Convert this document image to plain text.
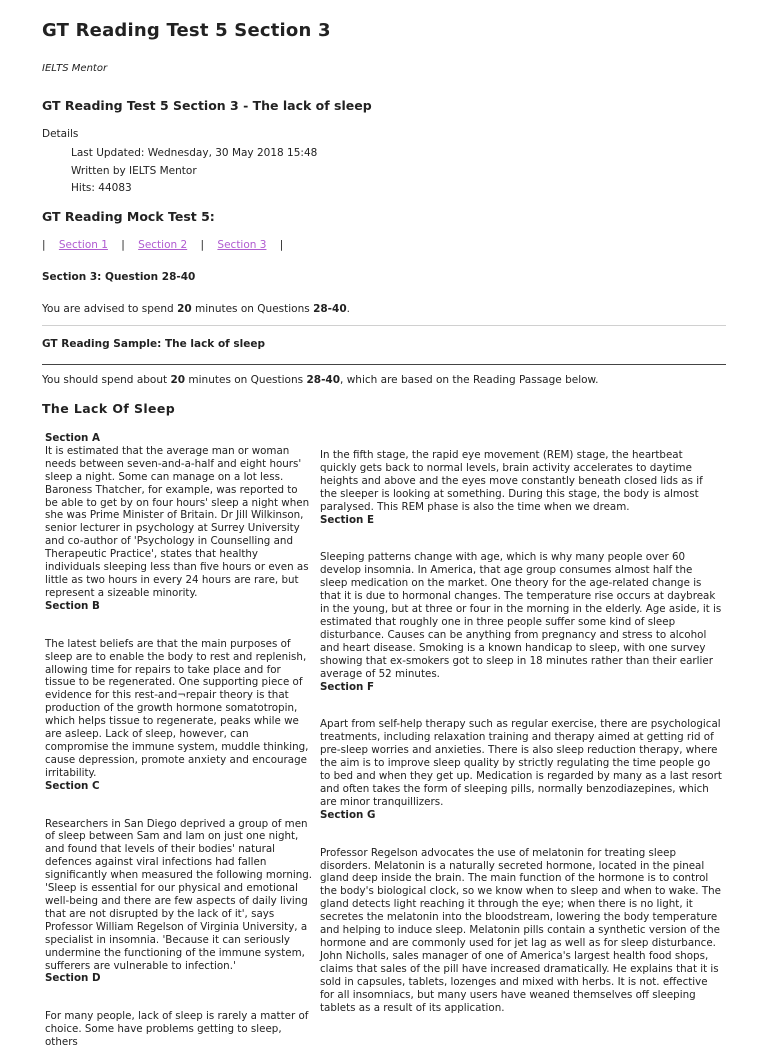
GT Reading Test 5 Section 3
IELTS Mentor
GT Reading Test 5 Section 3 - The lack of sleep
Details
Last Updated: Wednesday, 30 May 2018 15:48
Written by IELTS Mentor
Hits: 44083
GT Reading Mock Test 5:
| Section 1 | Section 2 | Section 3 |
Section 3: Question 28-40
You are advised to spend 20 minutes on Questions 28-40.
GT Reading Sample: The lack of sleep
You should spend about 20 minutes on Questions 28-40, which are based on the Reading Passage below.
The Lack Of Sleep

Section A

It is estimated that the average man or woman needs between seven-and-a-half and eight hours' sleep a night. Some can manage on a lot less. Baroness Thatcher, for example, was reported to be able to get by on four hours' sleep a night when she was Prime Minister of Britain. Dr Jill Wilkinson, senior lecturer in psychology at Surrey University and co-author of 'Psychology in Counselling and Therapeutic Practice', states that healthy individuals sleeping less than five hours or even as little as two hours in every 24 hours are rare, but represent a sizeable minority.

Section B

The latest beliefs are that the main purposes of sleep are to enable the body to rest and replenish, allowing time for repairs to take place and for tissue to be regenerated. One supporting piece of evidence for this rest-and¬repair theory is that production of the growth hormone somatotropin, which helps tissue to regenerate, peaks while we are asleep. Lack of sleep, however, can compromise the immune system, muddle thinking, cause depression, promote anxiety and encourage irritability.

Section C

Researchers in San Diego deprived a group of men of sleep between Sam and lam on just one night, and found that levels of their bodies' natural defences against viral infections had fallen significantly when measured the following morning. 'Sleep is essential for our physical and emotional well-being and there are few aspects of daily living that are not disrupted by the lack of it', says Professor William Regelson of Virginia University, a specialist in insomnia. 'Because it can seriously undermine the functioning of the immune system, sufferers are vulnerable to infection.'

Section D

For many people, lack of sleep is rarely a matter of choice. Some have problems getting to sleep, others

In the fifth stage, the rapid eye movement (REM) stage, the heartbeat quickly gets back to normal levels, brain activity accelerates to daytime heights and above and the eyes move constantly beneath closed lids as if the sleeper is looking at something. During this stage, the body is almost paralysed. This REM phase is also the time when we dream.

Section E

Sleeping patterns change with age, which is why many people over 60 develop insomnia. In America, that age group consumes almost half the sleep medication on the market. One theory for the age-related change is that it is due to hormonal changes. The temperature rise occurs at daybreak in the young, but at three or four in the morning in the elderly. Age aside, it is estimated that roughly one in three people suffer some kind of sleep disturbance. Causes can be anything from pregnancy and stress to alcohol and heart disease. Smoking is a known handicap to sleep, with one survey showing that ex-smokers got to sleep in 18 minutes rather than their earlier average of 52 minutes.

Section F

Apart from self-help therapy such as regular exercise, there are psychological treatments, including relaxation training and therapy aimed at getting rid of pre-sleep worries and anxieties. There is also sleep reduction therapy, where the aim is to improve sleep quality by strictly regulating the time people go to bed and when they get up. Medication is regarded by many as a last resort and often takes the form of sleeping pills, normally benzodiazepines, which are minor tranquillizers.

Section G

Professor Regelson advocates the use of melatonin for treating sleep disorders. Melatonin is a naturally secreted hormone, located in the pineal gland deep inside the brain. The main function of the hormone is to control the body's biological clock, so we know when to sleep and when to wake. The gland detects light reaching it through the eye; when there is no light, it secretes the melatonin into the bloodstream, lowering the body temperature and helping to induce sleep. Melatonin pills contain a synthetic version of the hormone and are commonly used for jet lag as well as for sleep disturbance. John Nicholls, sales manager of one of America's largest health food shops, claims that sales of the pill have increased dramatically. He explains that it is sold in capsules, tablets, lozenges and mixed with herbs. It is not. effective for all insomniacs, but many users have weaned themselves off sleeping tablets as a result of its application.
